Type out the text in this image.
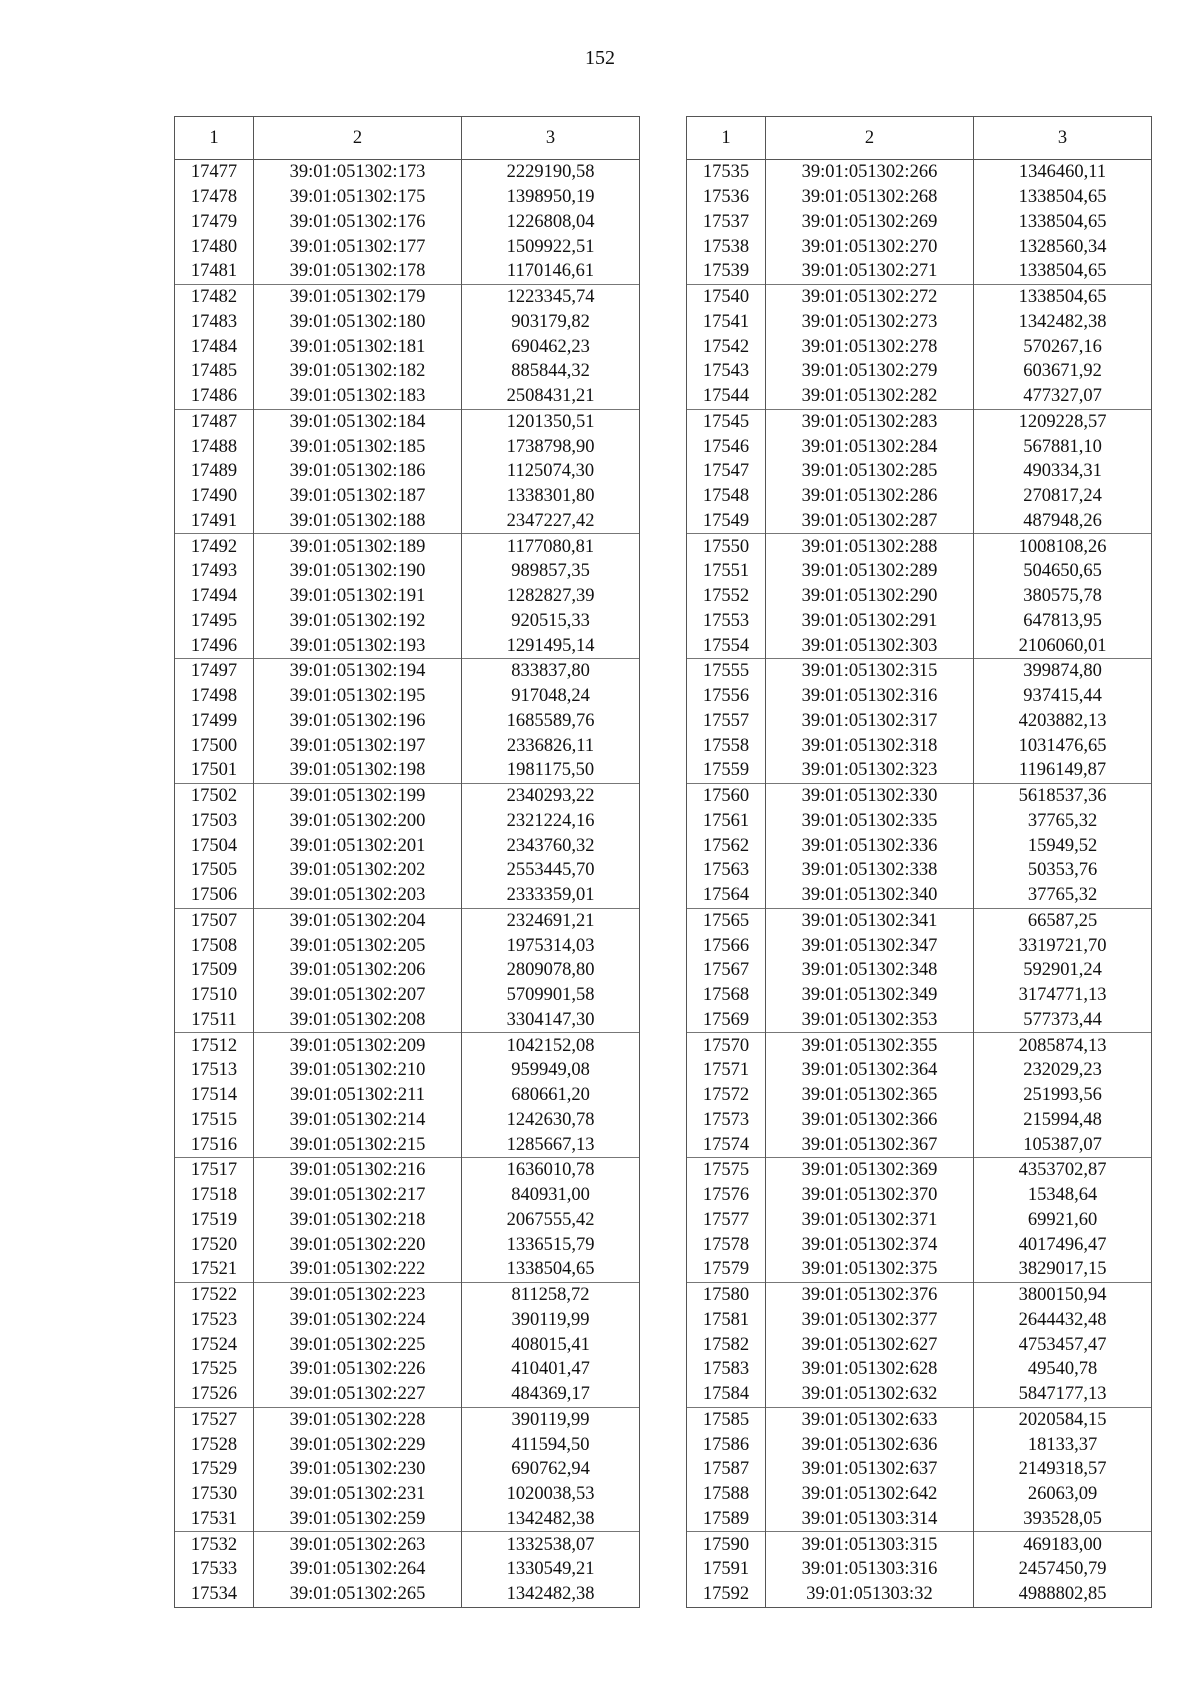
152
1	2	3
17477	39:01:051302:173	2229190,58
17478	39:01:051302:175	1398950,19
17479	39:01:051302:176	1226808,04
17480	39:01:051302:177	1509922,51
17481	39:01:051302:178	1170146,61
17482	39:01:051302:179	1223345,74
17483	39:01:051302:180	903179,82
17484	39:01:051302:181	690462,23
17485	39:01:051302:182	885844,32
17486	39:01:051302:183	2508431,21
17487	39:01:051302:184	1201350,51
17488	39:01:051302:185	1738798,90
17489	39:01:051302:186	1125074,30
17490	39:01:051302:187	1338301,80
17491	39:01:051302:188	2347227,42
17492	39:01:051302:189	1177080,81
17493	39:01:051302:190	989857,35
17494	39:01:051302:191	1282827,39
17495	39:01:051302:192	920515,33
17496	39:01:051302:193	1291495,14
17497	39:01:051302:194	833837,80
17498	39:01:051302:195	917048,24
17499	39:01:051302:196	1685589,76
17500	39:01:051302:197	2336826,11
17501	39:01:051302:198	1981175,50
17502	39:01:051302:199	2340293,22
17503	39:01:051302:200	2321224,16
17504	39:01:051302:201	2343760,32
17505	39:01:051302:202	2553445,70
17506	39:01:051302:203	2333359,01
17507	39:01:051302:204	2324691,21
17508	39:01:051302:205	1975314,03
17509	39:01:051302:206	2809078,80
17510	39:01:051302:207	5709901,58
17511	39:01:051302:208	3304147,30
17512	39:01:051302:209	1042152,08
17513	39:01:051302:210	959949,08
17514	39:01:051302:211	680661,20
17515	39:01:051302:214	1242630,78
17516	39:01:051302:215	1285667,13
17517	39:01:051302:216	1636010,78
17518	39:01:051302:217	840931,00
17519	39:01:051302:218	2067555,42
17520	39:01:051302:220	1336515,79
17521	39:01:051302:222	1338504,65
17522	39:01:051302:223	811258,72
17523	39:01:051302:224	390119,99
17524	39:01:051302:225	408015,41
17525	39:01:051302:226	410401,47
17526	39:01:051302:227	484369,17
17527	39:01:051302:228	390119,99
17528	39:01:051302:229	411594,50
17529	39:01:051302:230	690762,94
17530	39:01:051302:231	1020038,53
17531	39:01:051302:259	1342482,38
17532	39:01:051302:263	1332538,07
17533	39:01:051302:264	1330549,21
17534	39:01:051302:265	1342482,38
1	2	3
17535	39:01:051302:266	1346460,11
17536	39:01:051302:268	1338504,65
17537	39:01:051302:269	1338504,65
17538	39:01:051302:270	1328560,34
17539	39:01:051302:271	1338504,65
17540	39:01:051302:272	1338504,65
17541	39:01:051302:273	1342482,38
17542	39:01:051302:278	570267,16
17543	39:01:051302:279	603671,92
17544	39:01:051302:282	477327,07
17545	39:01:051302:283	1209228,57
17546	39:01:051302:284	567881,10
17547	39:01:051302:285	490334,31
17548	39:01:051302:286	270817,24
17549	39:01:051302:287	487948,26
17550	39:01:051302:288	1008108,26
17551	39:01:051302:289	504650,65
17552	39:01:051302:290	380575,78
17553	39:01:051302:291	647813,95
17554	39:01:051302:303	2106060,01
17555	39:01:051302:315	399874,80
17556	39:01:051302:316	937415,44
17557	39:01:051302:317	4203882,13
17558	39:01:051302:318	1031476,65
17559	39:01:051302:323	1196149,87
17560	39:01:051302:330	5618537,36
17561	39:01:051302:335	37765,32
17562	39:01:051302:336	15949,52
17563	39:01:051302:338	50353,76
17564	39:01:051302:340	37765,32
17565	39:01:051302:341	66587,25
17566	39:01:051302:347	3319721,70
17567	39:01:051302:348	592901,24
17568	39:01:051302:349	3174771,13
17569	39:01:051302:353	577373,44
17570	39:01:051302:355	2085874,13
17571	39:01:051302:364	232029,23
17572	39:01:051302:365	251993,56
17573	39:01:051302:366	215994,48
17574	39:01:051302:367	105387,07
17575	39:01:051302:369	4353702,87
17576	39:01:051302:370	15348,64
17577	39:01:051302:371	69921,60
17578	39:01:051302:374	4017496,47
17579	39:01:051302:375	3829017,15
17580	39:01:051302:376	3800150,94
17581	39:01:051302:377	2644432,48
17582	39:01:051302:627	4753457,47
17583	39:01:051302:628	49540,78
17584	39:01:051302:632	5847177,13
17585	39:01:051302:633	2020584,15
17586	39:01:051302:636	18133,37
17587	39:01:051302:637	2149318,57
17588	39:01:051302:642	26063,09
17589	39:01:051303:314	393528,05
17590	39:01:051303:315	469183,00
17591	39:01:051303:316	2457450,79
17592	39:01:051303:32	4988802,85
